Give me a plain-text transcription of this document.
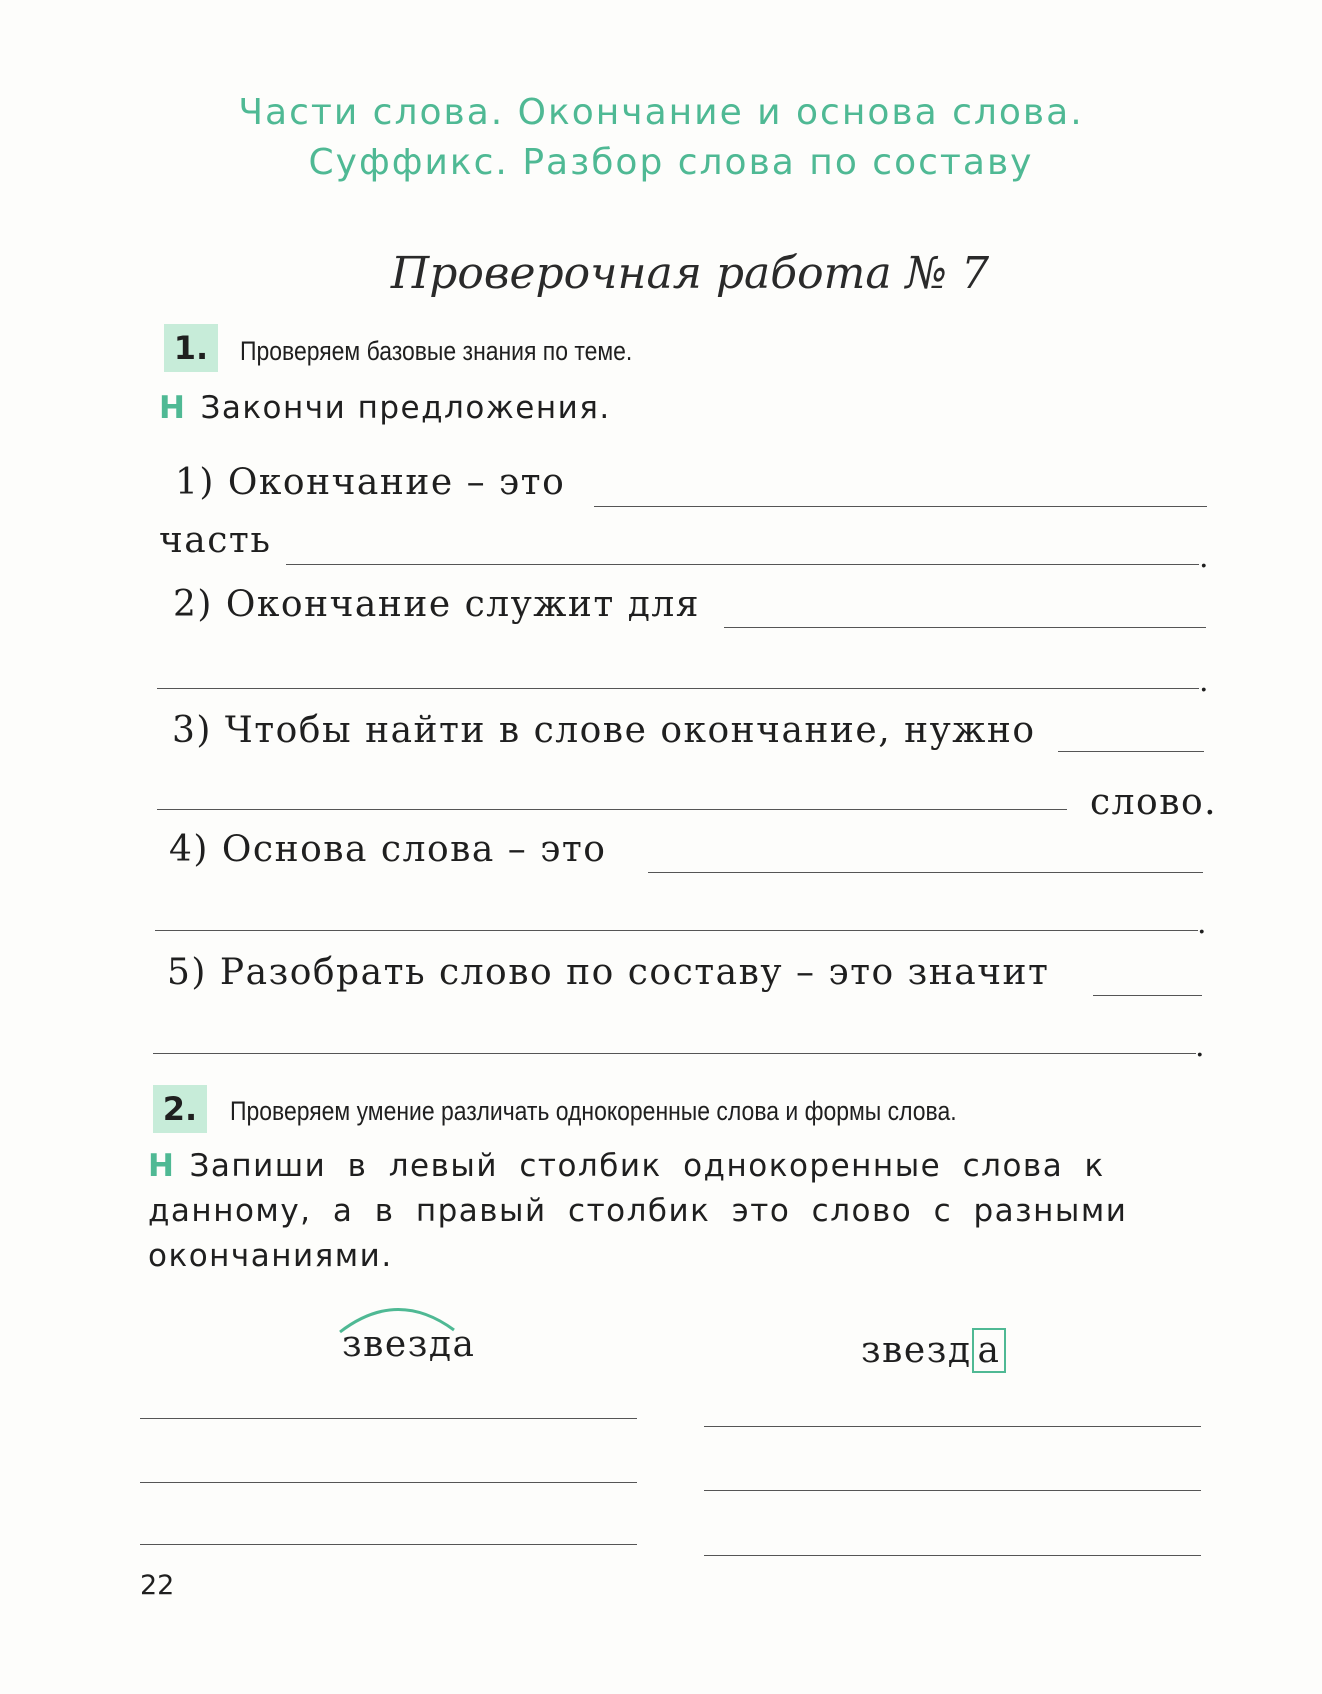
Части слова. Окончание и основа слова.
Суффикс. Разбор слова по составу
Проверочная работа № 7
1.	Проверяем базовые знания по теме.
Н Закончи предложения.
1) Окончание – это
часть	.
2) Окончание служит для
.
3) Чтобы найти в слове окончание, нужно
слово.
4) Основа слова – это
.
5) Разобрать слово по составу – это значит
.
2.	Проверяем умение различать однокоренные слова и формы слова.
Н Запиши в левый столбик однокоренные слова к
данному, а в правый столбик это слово с разными
окончаниями.
звезда	звезд а
22
